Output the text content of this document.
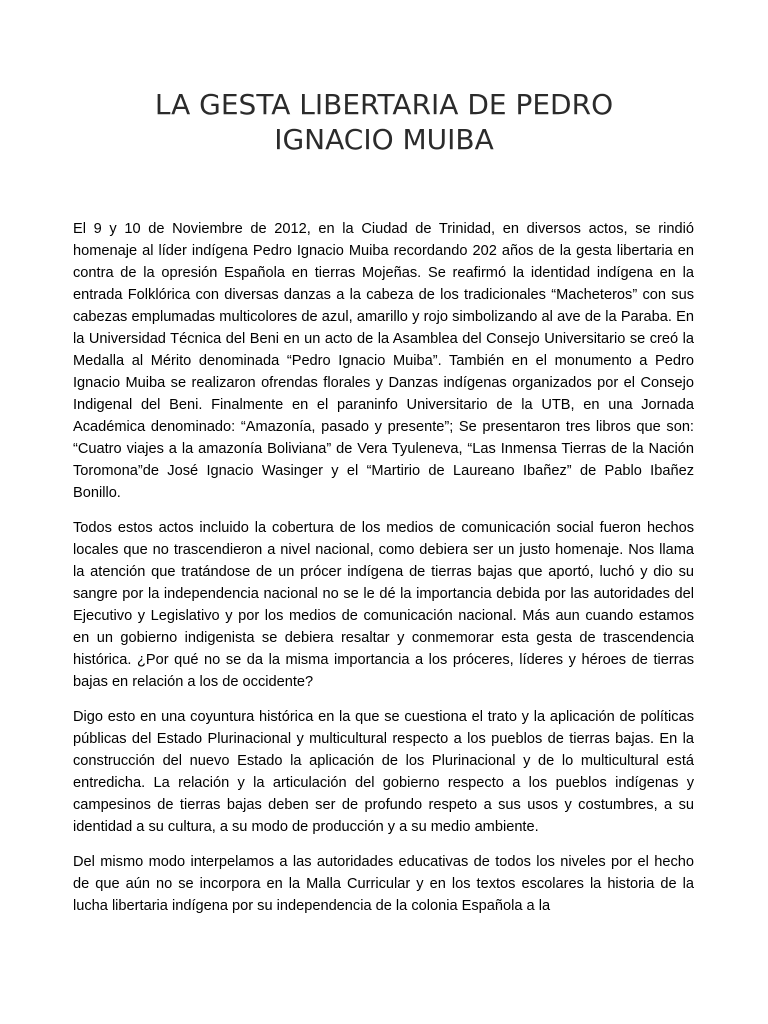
LA GESTA LIBERTARIA DE PEDRO IGNACIO MUIBA

El 9 y 10 de Noviembre de 2012, en la Ciudad de Trinidad, en diversos actos, se rindió homenaje al líder indígena Pedro Ignacio Muiba recordando 202 años de la gesta libertaria en contra de la opresión Española en tierras Mojeñas. Se reafirmó la identidad indígena en la entrada Folklórica con diversas danzas a la cabeza de los tradicionales “Macheteros” con sus cabezas emplumadas multicolores de azul, amarillo y rojo simbolizando al ave de la Paraba. En la Universidad Técnica del Beni en un acto de la Asamblea del Consejo Universitario se creó la Medalla al Mérito denominada “Pedro Ignacio Muiba”. También en el monumento a Pedro Ignacio Muiba se realizaron ofrendas florales y Danzas indígenas organizados por el Consejo Indigenal del Beni. Finalmente en el paraninfo Universitario de la UTB, en una Jornada Académica denominado: “Amazonía, pasado y presente”; Se presentaron tres libros que son: “Cuatro viajes a la amazonía Boliviana” de Vera Tyuleneva, “Las Inmensa Tierras de la Nación Toromona”de José Ignacio Wasinger y el “Martirio de Laureano Ibañez” de Pablo Ibañez Bonillo.

Todos estos actos incluido la cobertura de los medios de comunicación social fueron hechos locales que no trascendieron a nivel nacional, como debiera ser un justo homenaje. Nos llama la atención que tratándose de un prócer indígena de tierras bajas que aportó, luchó y dio su sangre por la independencia nacional no se le dé la importancia debida por las autoridades del Ejecutivo y Legislativo y por los medios de comunicación nacional. Más aun cuando estamos en un gobierno indigenista se debiera resaltar y conmemorar esta gesta de trascendencia histórica. ¿Por qué no se da la misma importancia a los próceres, líderes y héroes de tierras bajas en relación a los de occidente?

Digo esto en una coyuntura histórica en la que se cuestiona el trato y la aplicación de políticas públicas del Estado Plurinacional y multicultural respecto a los pueblos de tierras bajas. En la construcción del nuevo Estado la aplicación de los Plurinacional y de lo multicultural está entredicha. La relación y la articulación del gobierno respecto a los pueblos indígenas y campesinos de tierras bajas deben ser de profundo respeto a sus usos y costumbres, a su identidad a su cultura, a su modo de producción y a su medio ambiente.

Del mismo modo interpelamos a las autoridades educativas de todos los niveles por el hecho de que aún no se incorpora en la Malla Curricular y en los textos escolares la historia de la lucha libertaria indígena por su independencia de la colonia Española a la
